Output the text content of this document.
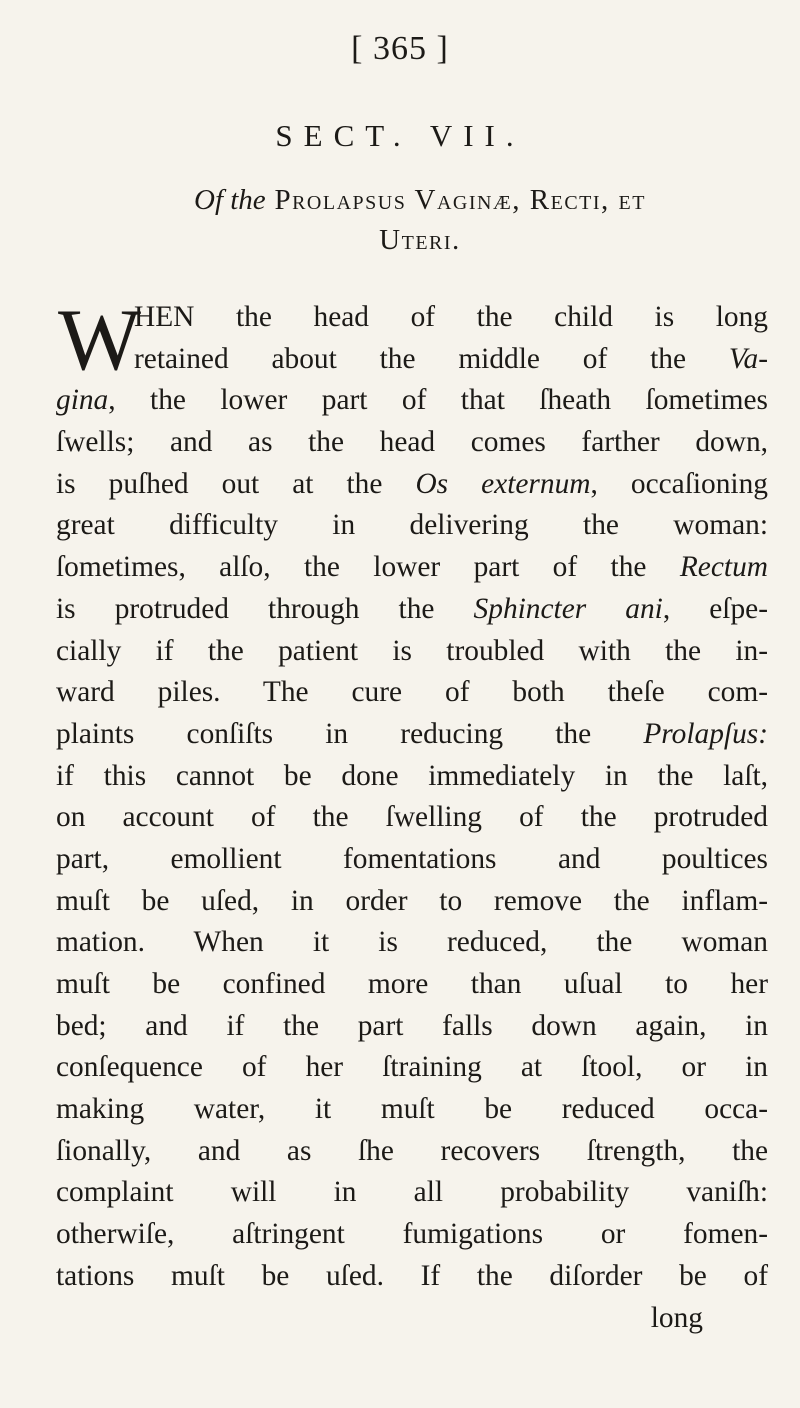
[ 365 ]
SECT. VII.
Of the Prolapsus Vaginæ, Recti, et
Uteri.
W
HEN the head of the child is long
retained about the middle of the Va-
gina, the lower part of that ſheath ſometimes
ſwells; and as the head comes farther down,
is puſhed out at the Os externum, occaſioning
great difficulty in delivering the woman:
ſometimes, alſo, the lower part of the Rectum
is protruded through the Sphincter ani, eſpe-
cially if the patient is troubled with the in-
ward piles. The cure of both theſe com-
plaints conſiſts in reducing the Prolapſus:
if this cannot be done immediately in the laſt,
on account of the ſwelling of the protruded
part, emollient fomentations and poultices
muſt be uſed, in order to remove the inflam-
mation. When it is reduced, the woman
muſt be confined more than uſual to her
bed; and if the part falls down again, in
conſequence of her ſtraining at ſtool, or in
making water, it muſt be reduced occa-
ſionally, and as ſhe recovers ſtrength, the
complaint will in all probability vaniſh:
otherwiſe, aſtringent fumigations or fomen-
tations muſt be uſed. If the diſorder be of
long
